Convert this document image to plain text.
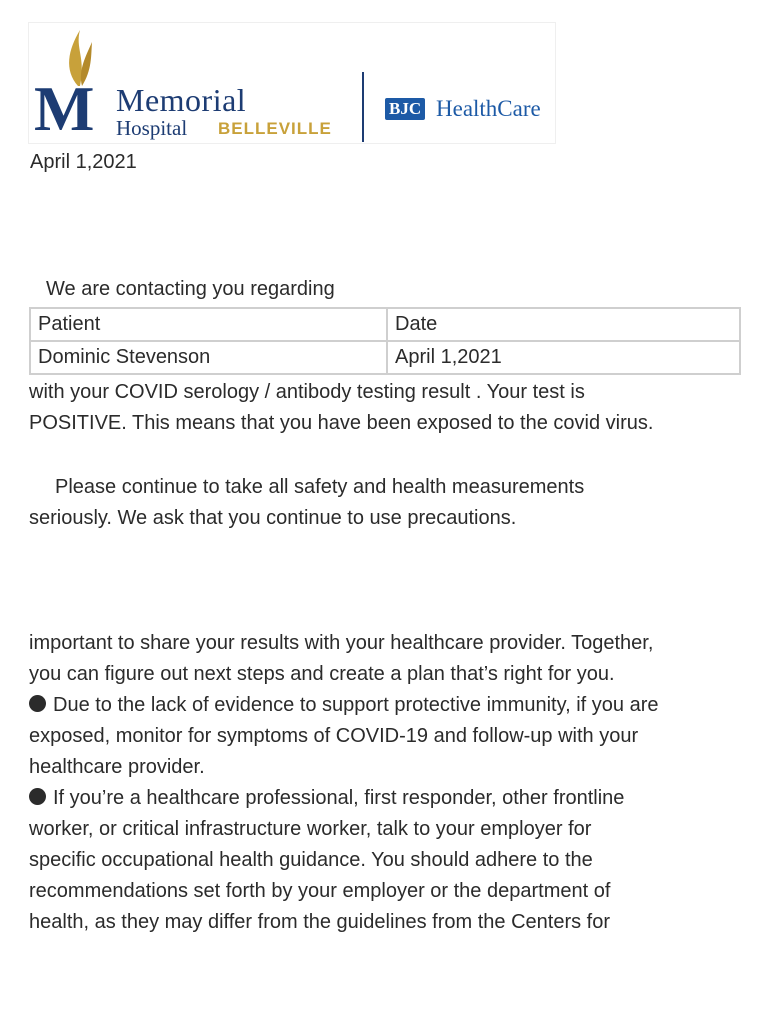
M Memorial
Hospital BELLEVILLE
BJC HealthCare
April 1,2021
We are contacting you regarding
Patient	Date
Dominic Stevenson	April 1,2021
with your COVID serology / antibody testing result . Your test is
POSITIVE. This means that you have been exposed to the covid virus.
Please continue to take all safety and health measurements
seriously. We ask that you continue to use precautions.
important to share your results with your healthcare provider. Together,
you can figure out next steps and create a plan that’s right for you.
Due to the lack of evidence to support protective immunity, if you are
exposed, monitor for symptoms of COVID-19 and follow-up with your
healthcare provider.
If you’re a healthcare professional, first responder, other frontline
worker, or critical infrastructure worker, talk to your employer for
specific occupational health guidance. You should adhere to the
recommendations set forth by your employer or the department of
health, as they may differ from the guidelines from the Centers for
